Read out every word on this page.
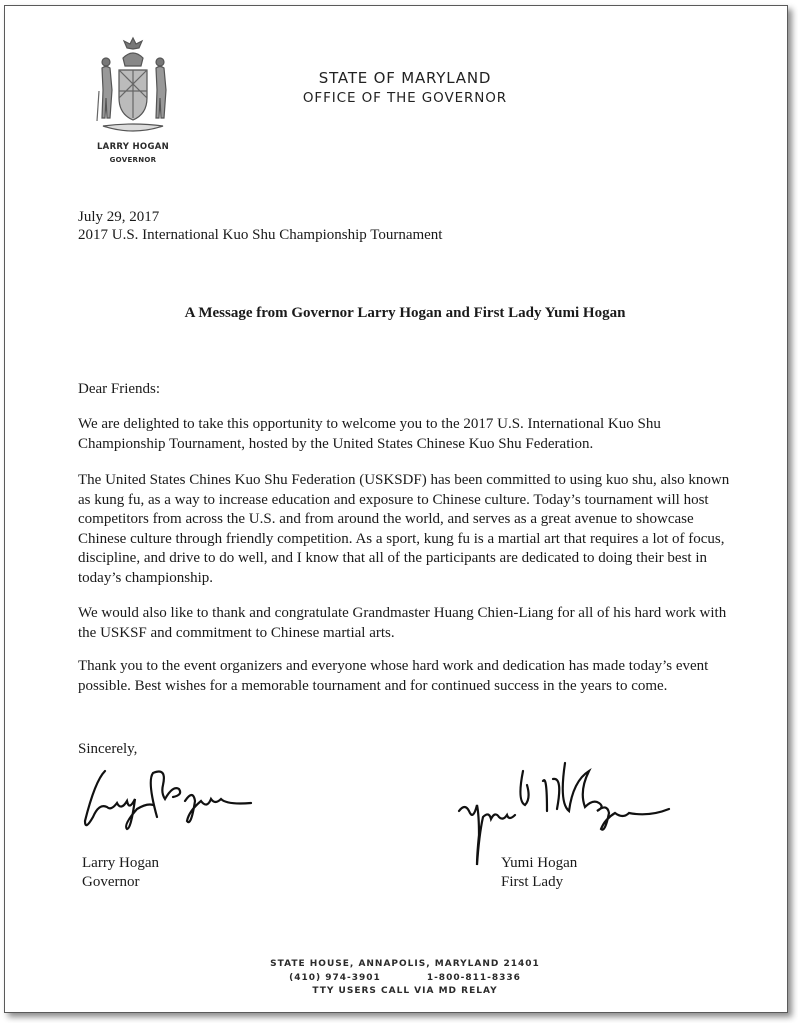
LARRY HOGAN
GOVERNOR
STATE OF MARYLAND
OFFICE OF THE GOVERNOR
July 29, 2017
2017 U.S. International Kuo Shu Championship Tournament
A Message from Governor Larry Hogan and First Lady Yumi Hogan
Dear Friends:
We are delighted to take this opportunity to welcome you to the 2017 U.S. International Kuo Shu Championship Tournament, hosted by the United States Chinese Kuo Shu Federation.
The United States Chines Kuo Shu Federation (USKSDF) has been committed to using kuo shu, also known as kung fu, as a way to increase education and exposure to Chinese culture. Today’s tournament will host competitors from across the U.S. and from around the world, and serves as a great avenue to showcase Chinese culture through friendly competition. As a sport, kung fu is a martial art that requires a lot of focus, discipline, and drive to do well, and I know that all of the participants are dedicated to doing their best in today’s championship.
We would also like to thank and congratulate Grandmaster Huang Chien-Liang for all of his hard work with the USKSF and commitment to Chinese martial arts.
Thank you to the event organizers and everyone whose hard work and dedication has made today’s event possible. Best wishes for a memorable tournament and for continued success in the years to come.
Sincerely,
Larry Hogan
Governor
Yumi Hogan
First Lady
STATE HOUSE, ANNAPOLIS, MARYLAND 21401
(410) 974-3901	1-800-811-8336
TTY USERS CALL VIA MD RELAY
